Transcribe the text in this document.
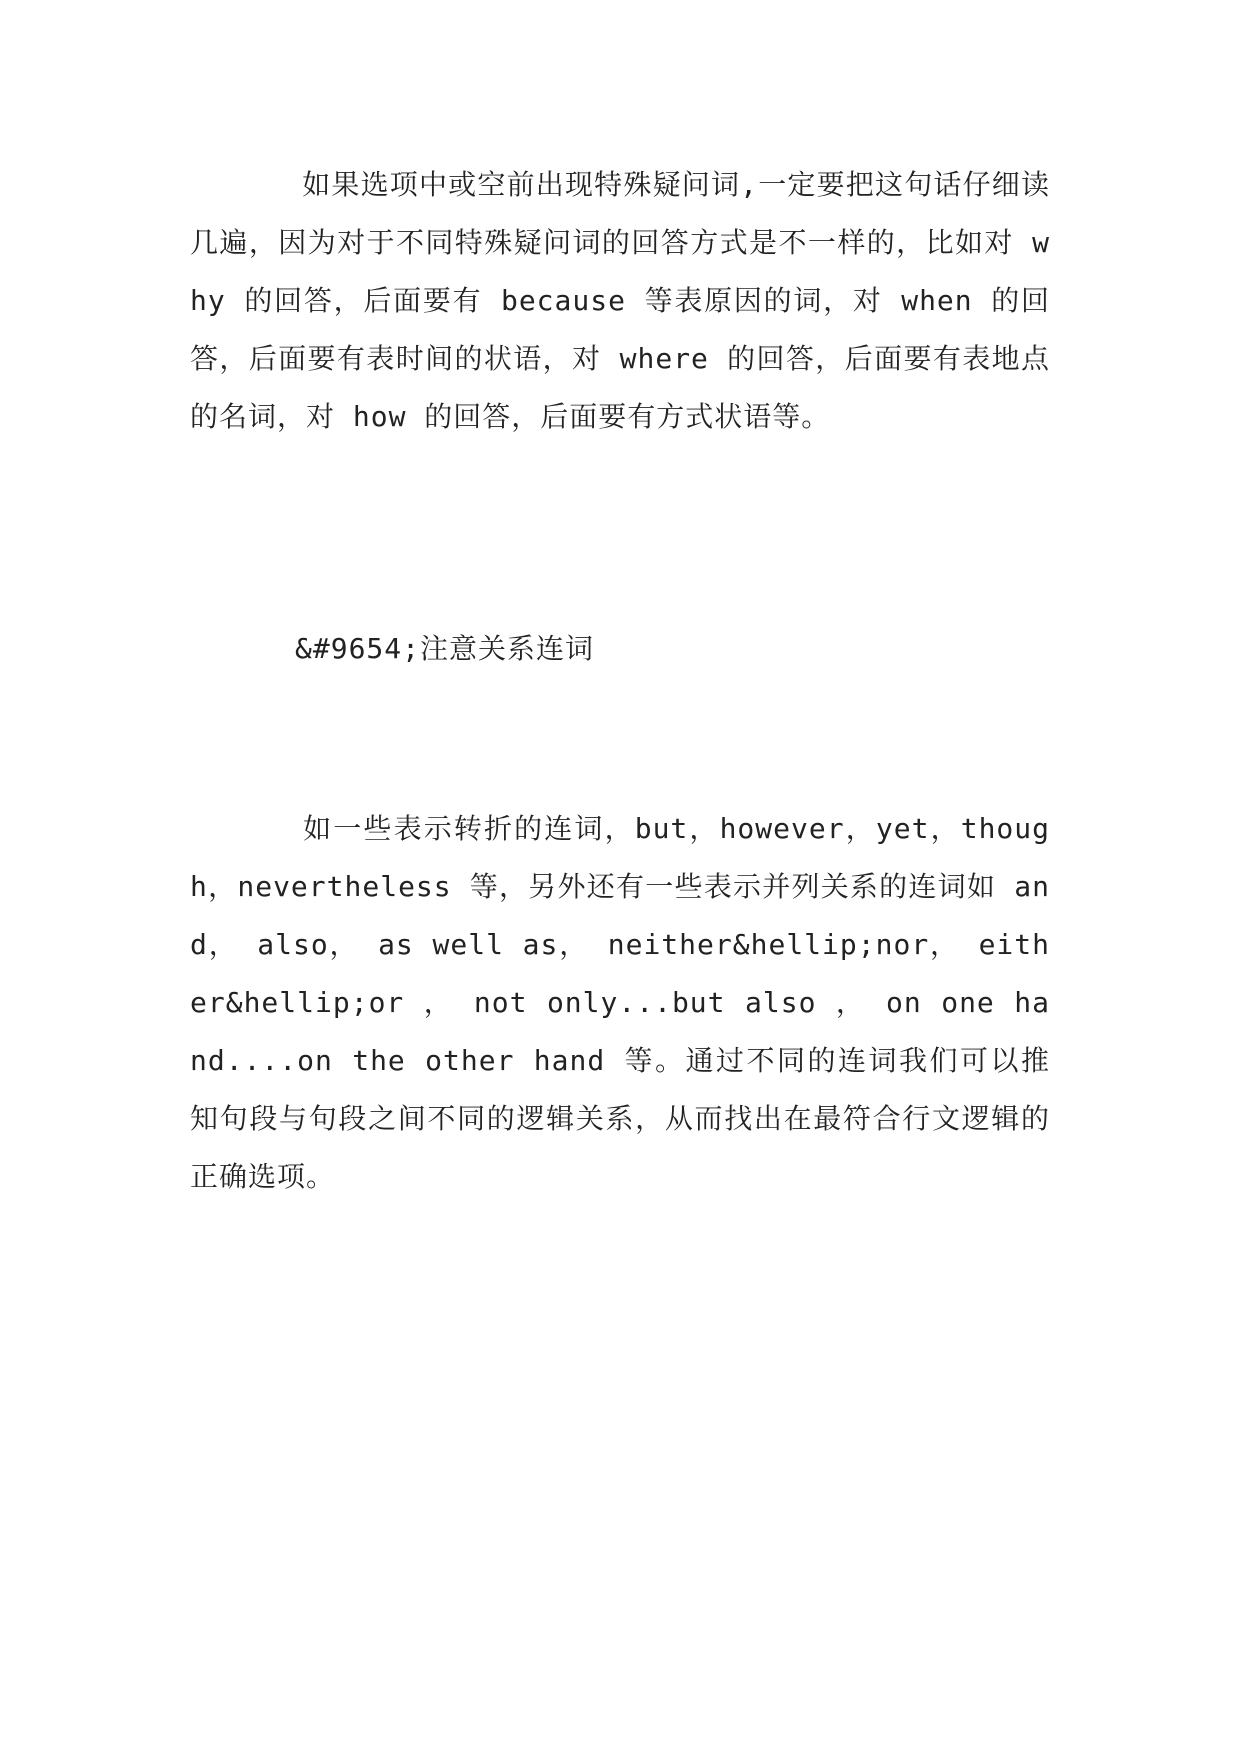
如果选项中或空前出现特殊疑问词,一定要把这句话仔细读几遍，因为对于不同特殊疑问词的回答方式是不一样的，比如对 why 的回答，后面要有 because 等表原因的词，对 when 的回答，后面要有表时间的状语，对 where 的回答，后面要有表地点的名词，对 how 的回答，后面要有方式状语等。

&#9654;注意关系连词

如一些表示转折的连词，but，however，yet，though，nevertheless 等，另外还有一些表示并列关系的连词如 and， also， as well as， neither&hellip;nor， either&hellip;or ， not only...but also ， on one hand....on the other hand 等。通过不同的连词我们可以推知句段与句段之间不同的逻辑关系，从而找出在最符合行文逻辑的正确选项。
